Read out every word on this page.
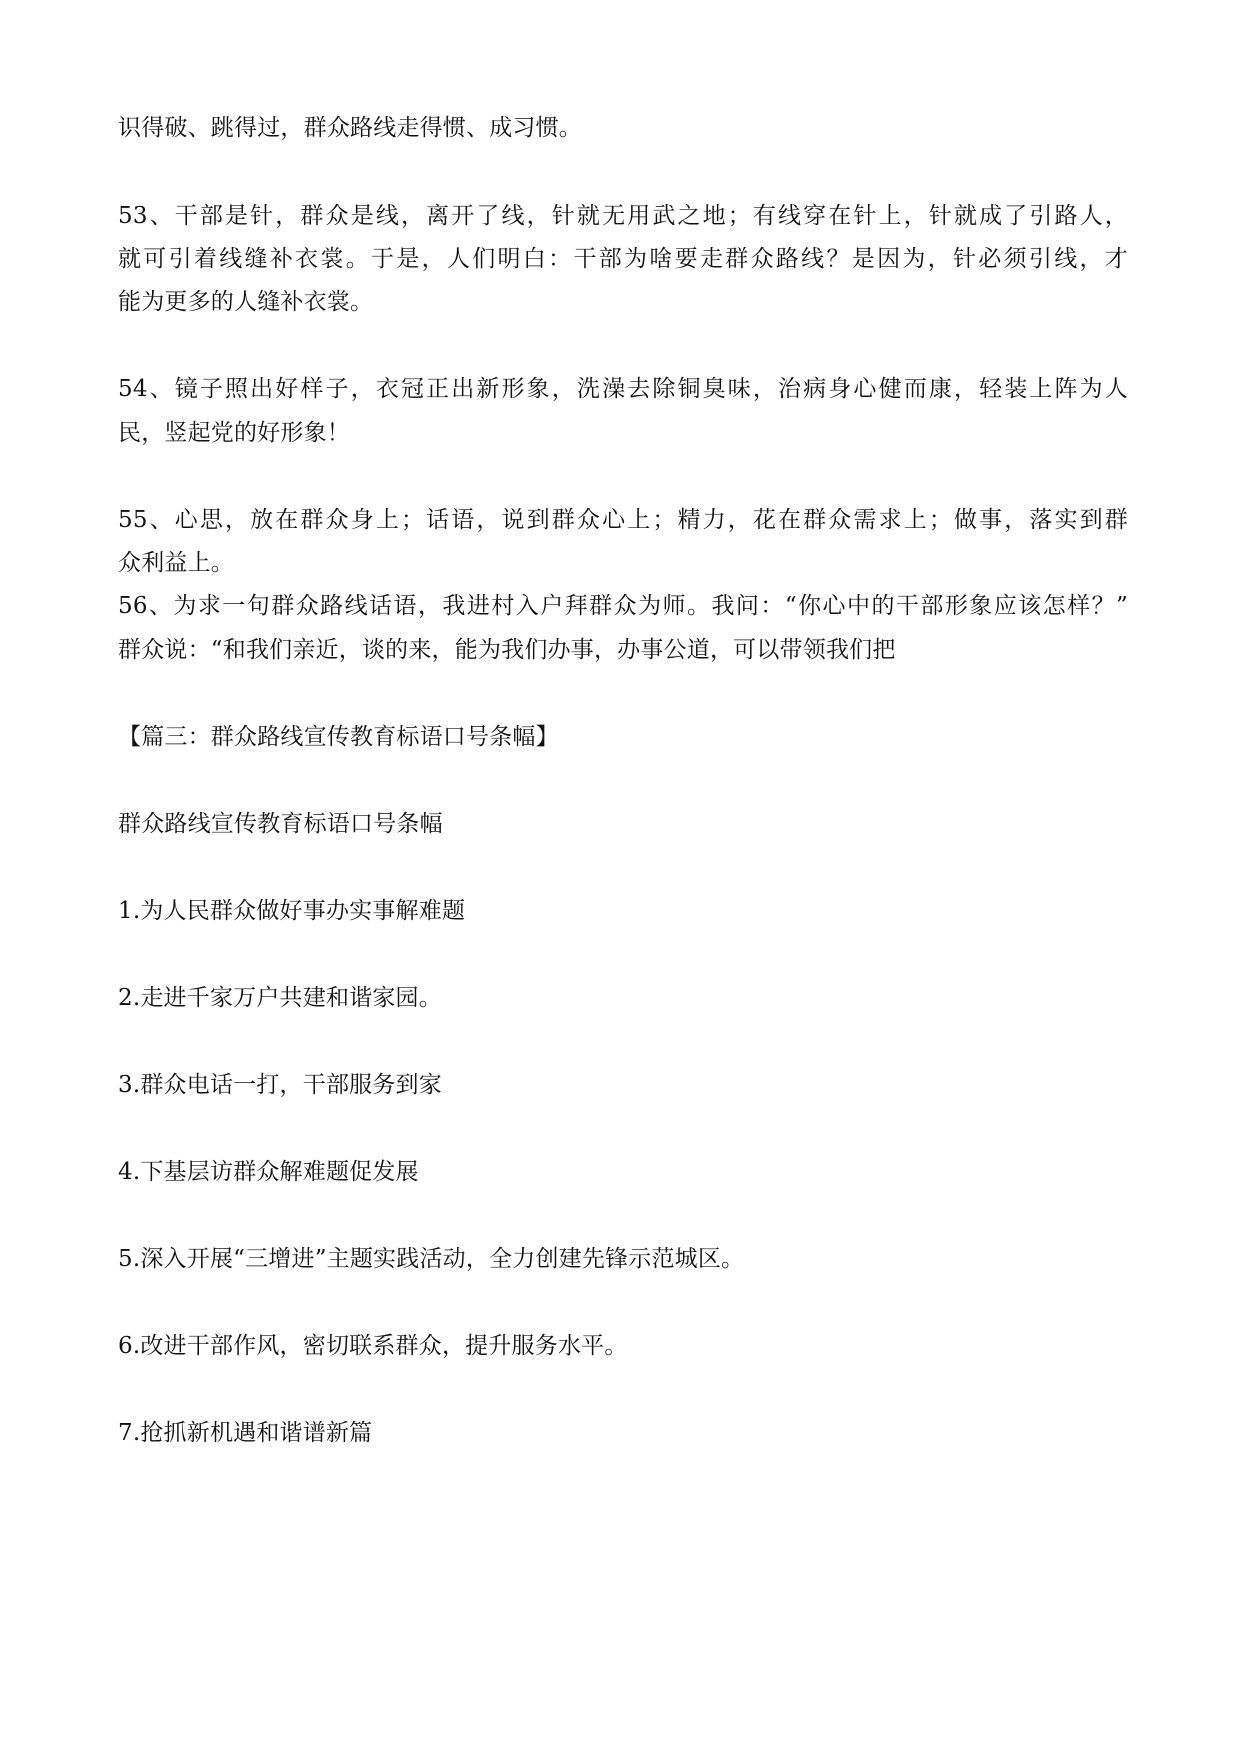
识得破、跳得过，群众路线走得惯、成习惯。
53、干部是针，群众是线，离开了线，针就无用武之地；有线穿在针上，针就成了引路人，
就可引着线缝补衣裳。于是，人们明白：干部为啥要走群众路线？是因为，针必须引线，才
能为更多的人缝补衣裳。
54、镜子照出好样子，衣冠正出新形象，洗澡去除铜臭味，治病身心健而康，轻装上阵为人
民，竖起党的好形象！
55、心思，放在群众身上；话语，说到群众心上；精力，花在群众需求上；做事，落实到群
众利益上。
56、为求一句群众路线话语，我进村入户拜群众为师。我问：“你心中的干部形象应该怎样？”
群众说：“和我们亲近，谈的来，能为我们办事，办事公道，可以带领我们把
【篇三：群众路线宣传教育标语口号条幅】
群众路线宣传教育标语口号条幅
1.为人民群众做好事办实事解难题
2.走进千家万户共建和谐家园。
3.群众电话一打，干部服务到家
4.下基层访群众解难题促发展
5.深入开展“三增进”主题实践活动，全力创建先锋示范城区。
6.改进干部作风，密切联系群众，提升服务水平。
7.抢抓新机遇和谐谱新篇
